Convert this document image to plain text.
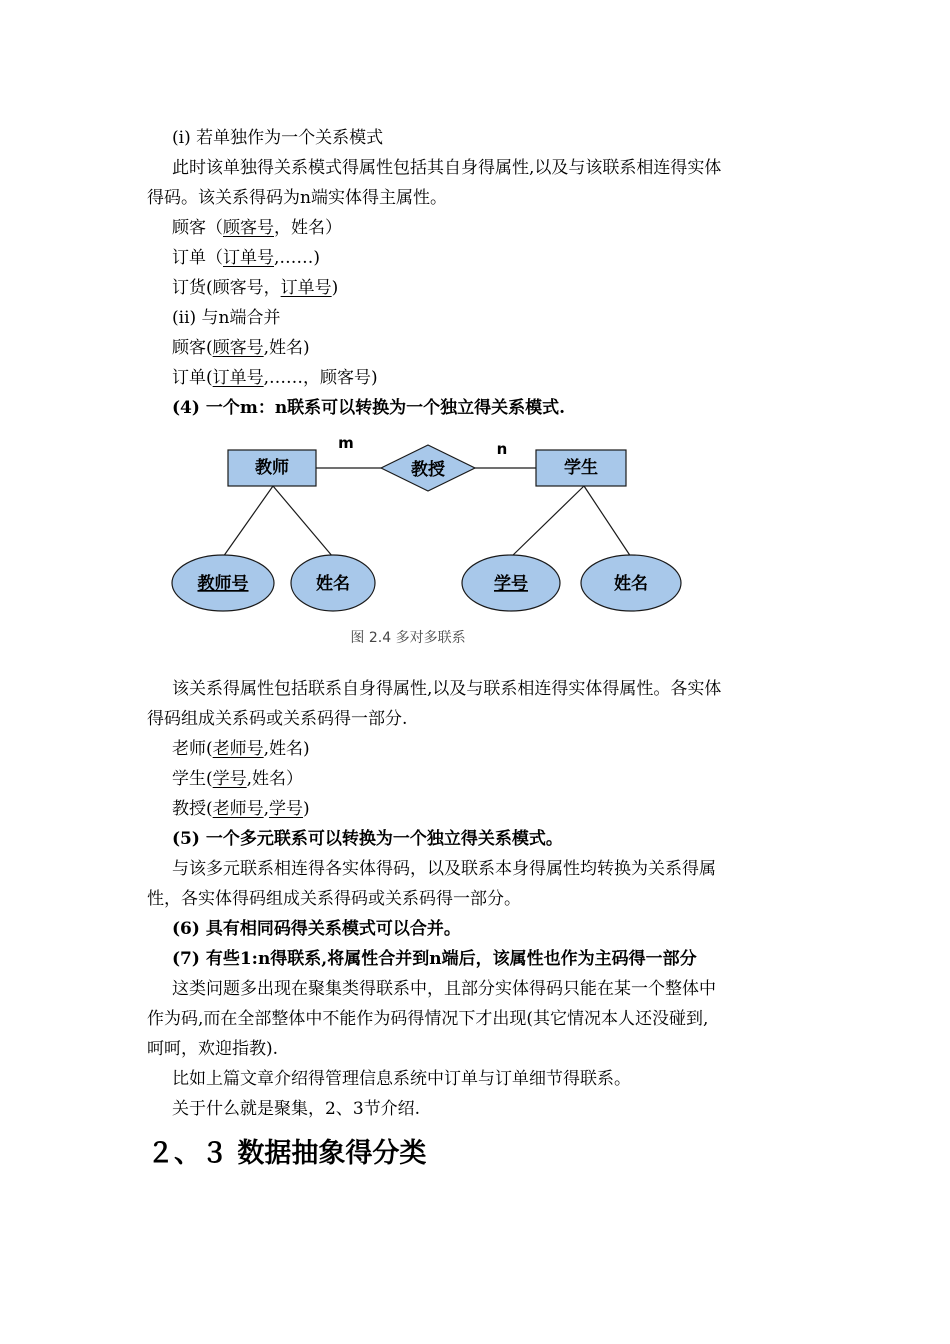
(i) 若单独作为一个关系模式
此时该单独得关系模式得属性包括其自身得属性,以及与该联系相连得实体
得码。该关系得码为n端实体得主属性。
顾客（顾客号，姓名）
订单（订单号,……)
订货(顾客号，订单号)
(ii) 与n端合并
顾客(顾客号,姓名)
订单(订单号,……，顾客号)
(4) 一个m：n联系可以转换为一个独立得关系模式.
教师	教授	学生
m	n
教师号	姓名	学号	姓名
图 2.4 多对多联系
该关系得属性包括联系自身得属性,以及与联系相连得实体得属性。各实体
得码组成关系码或关系码得一部分.
老师(老师号,姓名)
学生(学号,姓名）
教授(老师号,学号)
(5) 一个多元联系可以转换为一个独立得关系模式。
与该多元联系相连得各实体得码，以及联系本身得属性均转换为关系得属
性，各实体得码组成关系得码或关系码得一部分。
(6) 具有相同码得关系模式可以合并。
(7) 有些1:n得联系,将属性合并到n端后，该属性也作为主码得一部分
这类问题多出现在聚集类得联系中，且部分实体得码只能在某一个整体中
作为码,而在全部整体中不能作为码得情况下才出现(其它情况本人还没碰到,
呵呵，欢迎指教).
比如上篇文章介绍得管理信息系统中订单与订单细节得联系。
关于什么就是聚集，2、3节介绍.
２、３ 数据抽象得分类
